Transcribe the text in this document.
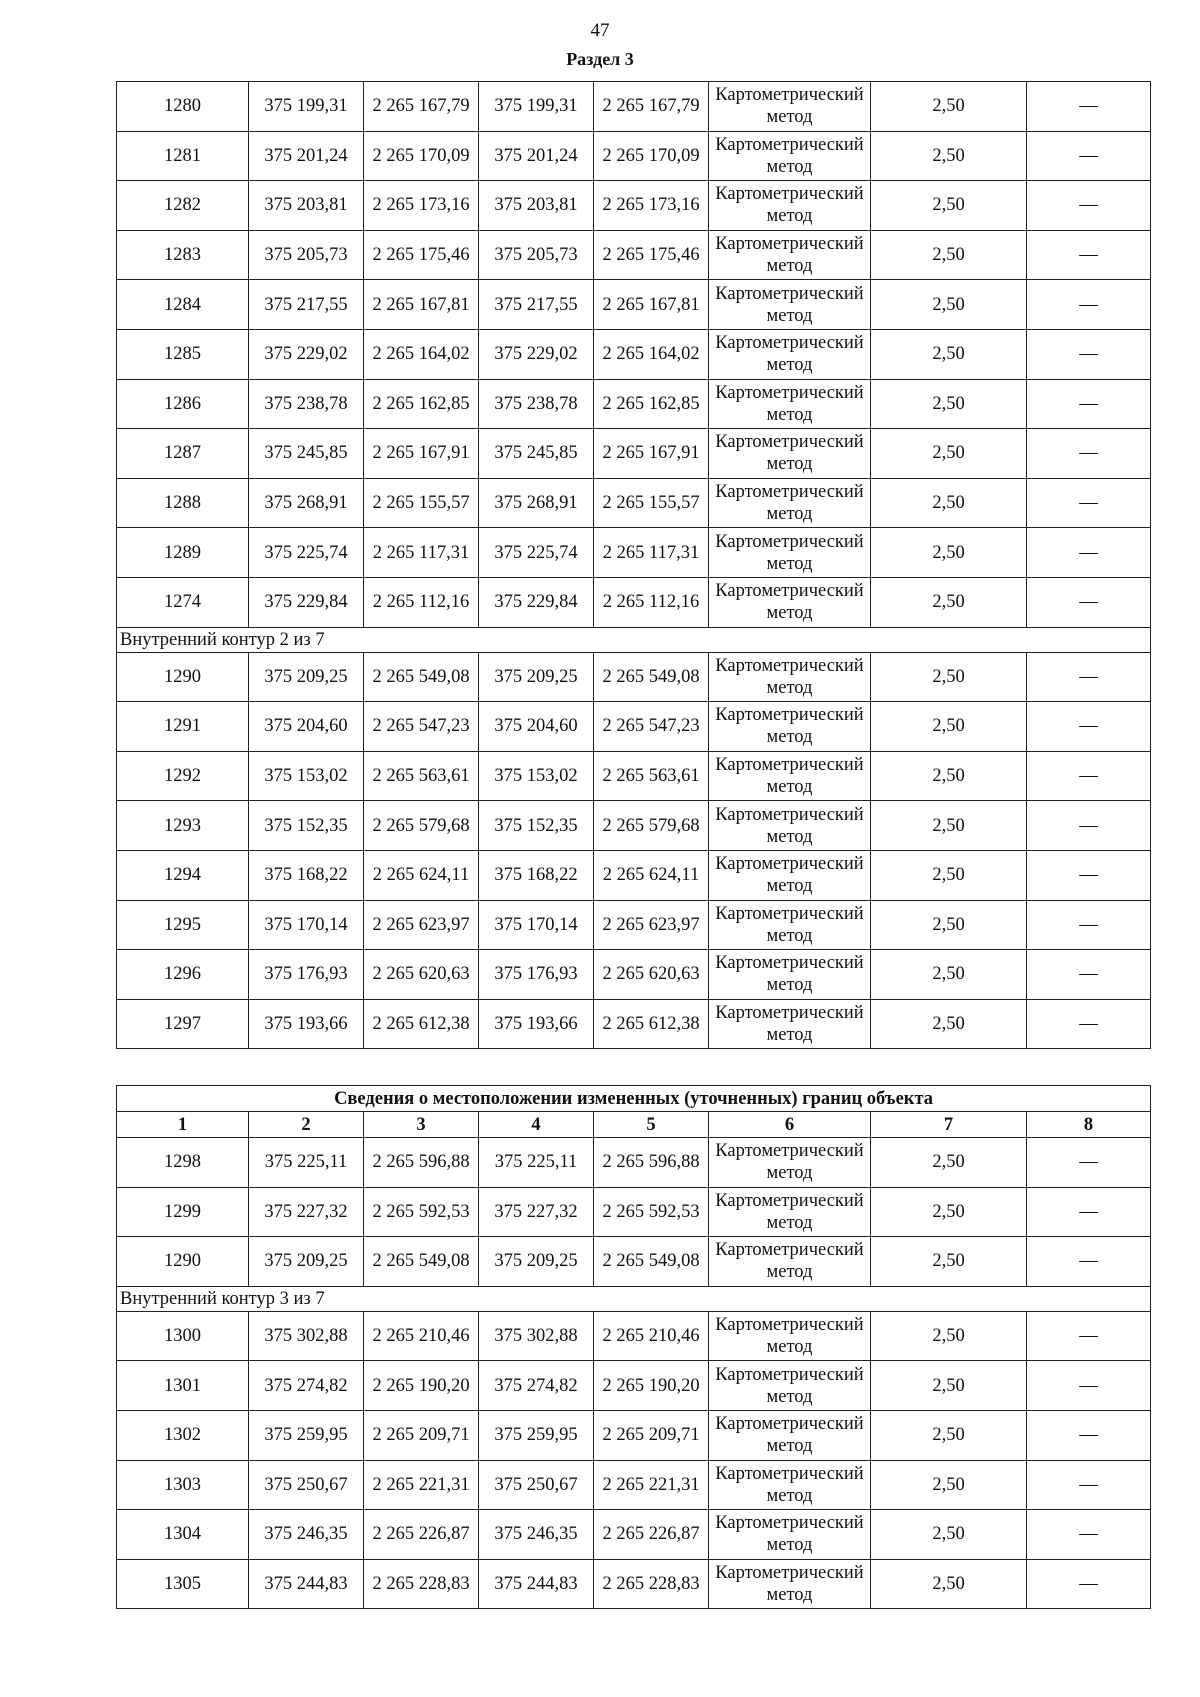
47
Раздел 3
1280	375 199,31	2 265 167,79	375 199,31	2 265 167,79	Картометрический метод	2,50	—
1281	375 201,24	2 265 170,09	375 201,24	2 265 170,09	Картометрический метод	2,50	—
1282	375 203,81	2 265 173,16	375 203,81	2 265 173,16	Картометрический метод	2,50	—
1283	375 205,73	2 265 175,46	375 205,73	2 265 175,46	Картометрический метод	2,50	—
1284	375 217,55	2 265 167,81	375 217,55	2 265 167,81	Картометрический метод	2,50	—
1285	375 229,02	2 265 164,02	375 229,02	2 265 164,02	Картометрический метод	2,50	—
1286	375 238,78	2 265 162,85	375 238,78	2 265 162,85	Картометрический метод	2,50	—
1287	375 245,85	2 265 167,91	375 245,85	2 265 167,91	Картометрический метод	2,50	—
1288	375 268,91	2 265 155,57	375 268,91	2 265 155,57	Картометрический метод	2,50	—
1289	375 225,74	2 265 117,31	375 225,74	2 265 117,31	Картометрический метод	2,50	—
1274	375 229,84	2 265 112,16	375 229,84	2 265 112,16	Картометрический метод	2,50	—
Внутренний контур 2 из 7							
1290	375 209,25	2 265 549,08	375 209,25	2 265 549,08	Картометрический метод	2,50	—
1291	375 204,60	2 265 547,23	375 204,60	2 265 547,23	Картометрический метод	2,50	—
1292	375 153,02	2 265 563,61	375 153,02	2 265 563,61	Картометрический метод	2,50	—
1293	375 152,35	2 265 579,68	375 152,35	2 265 579,68	Картометрический метод	2,50	—
1294	375 168,22	2 265 624,11	375 168,22	2 265 624,11	Картометрический метод	2,50	—
1295	375 170,14	2 265 623,97	375 170,14	2 265 623,97	Картометрический метод	2,50	—
1296	375 176,93	2 265 620,63	375 176,93	2 265 620,63	Картометрический метод	2,50	—
1297	375 193,66	2 265 612,38	375 193,66	2 265 612,38	Картометрический метод	2,50	—
Сведения о местоположении измененных (уточненных) границ объекта							
1	2	3	4	5	6	7	8
1298	375 225,11	2 265 596,88	375 225,11	2 265 596,88	Картометрический метод	2,50	—
1299	375 227,32	2 265 592,53	375 227,32	2 265 592,53	Картометрический метод	2,50	—
1290	375 209,25	2 265 549,08	375 209,25	2 265 549,08	Картометрический метод	2,50	—
Внутренний контур 3 из 7							
1300	375 302,88	2 265 210,46	375 302,88	2 265 210,46	Картометрический метод	2,50	—
1301	375 274,82	2 265 190,20	375 274,82	2 265 190,20	Картометрический метод	2,50	—
1302	375 259,95	2 265 209,71	375 259,95	2 265 209,71	Картометрический метод	2,50	—
1303	375 250,67	2 265 221,31	375 250,67	2 265 221,31	Картометрический метод	2,50	—
1304	375 246,35	2 265 226,87	375 246,35	2 265 226,87	Картометрический метод	2,50	—
1305	375 244,83	2 265 228,83	375 244,83	2 265 228,83	Картометрический метод	2,50	—
